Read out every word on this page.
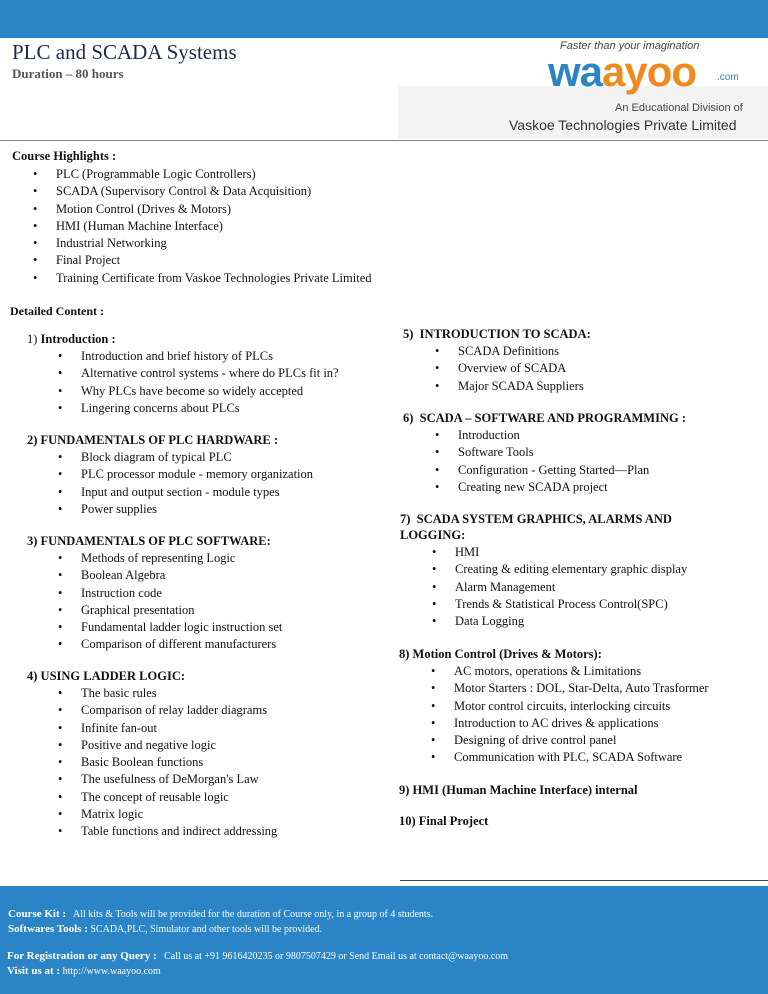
PLC and SCADA Systems
Duration – 80 hours
Faster than your imagination
waayoo .com
An Educational Division of
Vaskoe Technologies Private Limited
Course Highlights :
• PLC (Programmable Logic Controllers)
• SCADA (Supervisory Control & Data Acquisition)
• Motion Control (Drives & Motors)
• HMI (Human Machine Interface)
• Industrial Networking
• Final Project
• Training Certificate from Vaskoe Technologies Private Limited
Detailed Content :
1) Introduction :
• Introduction and brief history of PLCs
• Alternative control systems - where do PLCs fit in?
• Why PLCs have become so widely accepted
• Lingering concerns about PLCs
2) FUNDAMENTALS OF PLC HARDWARE :
• Block diagram of typical PLC
• PLC processor module - memory organization
• Input and output section - module types
• Power supplies
3) FUNDAMENTALS OF PLC SOFTWARE:
• Methods of representing Logic
• Boolean Algebra
• Instruction code
• Graphical presentation
• Fundamental ladder logic instruction set
• Comparison of different manufacturers
4) USING LADDER LOGIC:
• The basic rules
• Comparison of relay ladder diagrams
• Infinite fan-out
• Positive and negative logic
• Basic Boolean functions
• The usefulness of DeMorgan's Law
• The concept of reusable logic
• Matrix logic
• Table functions and indirect addressing
5) INTRODUCTION TO SCADA:
• SCADA Definitions
• Overview of SCADA
• Major SCADA Suppliers
6) SCADA – SOFTWARE AND PROGRAMMING :
• Introduction
• Software Tools
• Configuration - Getting Started—Plan
• Creating new SCADA project
7) SCADA SYSTEM GRAPHICS, ALARMS AND
LOGGING:
• HMI
• Creating & editing elementary graphic display
• Alarm Management
• Trends & Statistical Process Control(SPC)
• Data Logging
8) Motion Control (Drives & Motors):
• AC motors, operations & Limitations
• Motor Starters : DOL, Star-Delta, Auto Trasformer
• Motor control circuits, interlocking circuits
• Introduction to AC drives & applications
• Designing of drive control panel
• Communication with PLC, SCADA Software
9) HMI (Human Machine Interface) internal
10) Final Project

Course Kit : All kits & Tools will be provided for the duration of Course only, in a group of 4 students.

Softwares Tools : SCADA,PLC, Simulator and other tools will be provided.

For Registration or any Query : Call us at +91 9616420235 or 9807507429 or Send Email us at contact@waayoo.com

Visit us at : http://www.waayoo.com
